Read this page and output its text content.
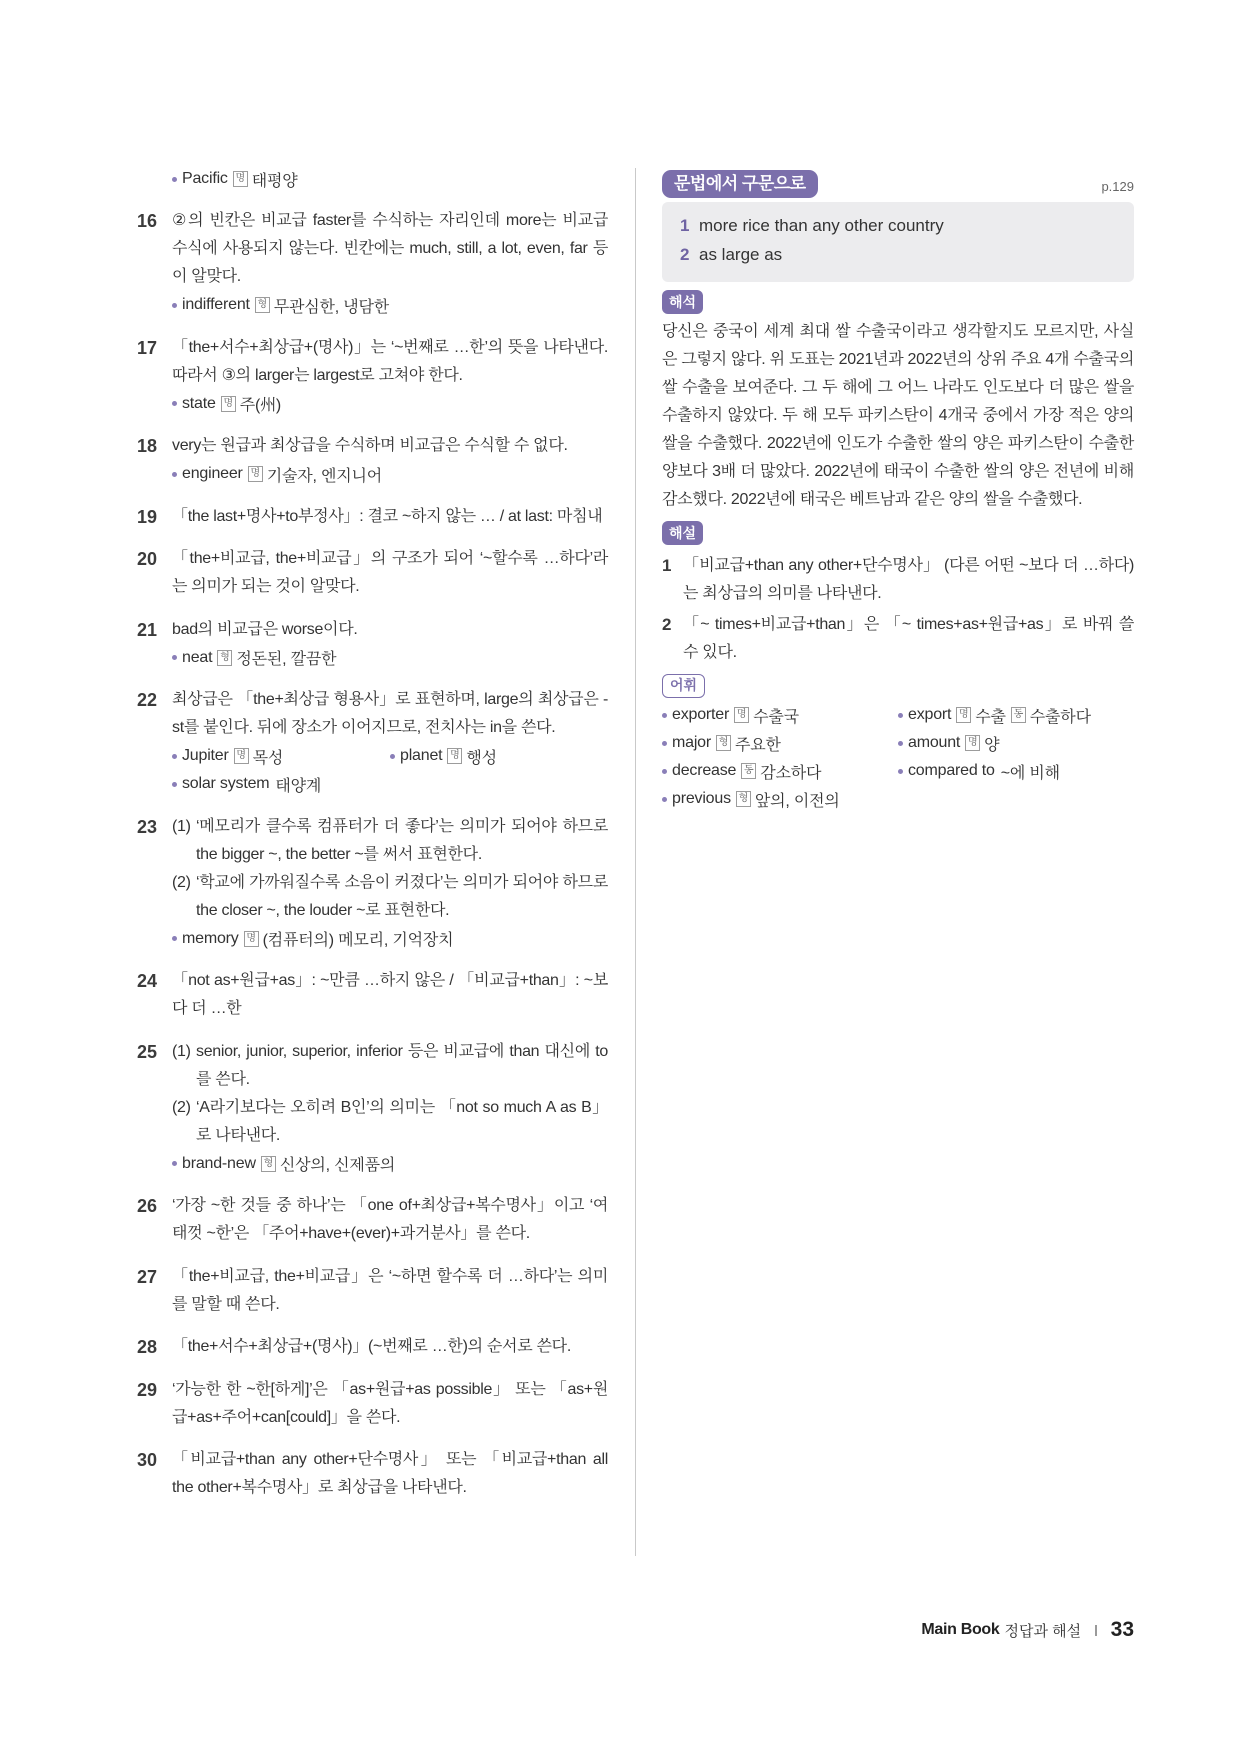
Pacific 명 태평양
16 ②의 빈칸은 비교급 faster를 수식하는 자리인데 more는 비교급 수식에 사용되지 않는다. 빈칸에는 much, still, a lot, even, far 등이 알맞다.

indifferent 형 무관심한, 냉담한
17 「the+서수+최상급+(명사)」는 ‘~번째로 …한’의 뜻을 나타낸다. 따라서 ③의 larger는 largest로 고쳐야 한다.

state 명 주(州)
18 very는 원급과 최상급을 수식하며 비교급은 수식할 수 없다.

engineer 명 기술자, 엔지니어
19 「the last+명사+to부정사」: 결코 ~하지 않는 … / at last: 마침내

20 「the+비교급, the+비교급」의 구조가 되어 ‘~할수록 …하다’라는 의미가 되는 것이 알맞다.

21 bad의 비교급은 worse이다.

neat 형 정돈된, 깔끔한
22 최상급은 「the+최상급 형용사」로 표현하며, large의 최상급은 -st를 붙인다. 뒤에 장소가 이어지므로, 전치사는 in을 쓴다.

Jupiter 명 목성	planet 명 행성
solar system 태양계
23 (1) ‘메모리가 클수록 컴퓨터가 더 좋다’는 의미가 되어야 하므로 the bigger ~, the better ~를 써서 표현한다.

(2) ‘학교에 가까워질수록 소음이 커졌다’는 의미가 되어야 하므로 the closer ~, the louder ~로 표현한다.

memory 명 (컴퓨터의) 메모리, 기억장치
24 「not as+원급+as」: ~만큼 …하지 않은 / 「비교급+than」: ~보다 더 …한

25 (1) senior, junior, superior, inferior 등은 비교급에 than 대신에 to를 쓴다.

(2) ‘A라기보다는 오히려 B인’의 의미는 「not so much A as B」로 나타낸다.

brand-new 형 신상의, 신제품의
26 ‘가장 ~한 것들 중 하나’는 「one of+최상급+복수명사」이고 ‘여태껏 ~한’은 「주어+have+(ever)+과거분사」를 쓴다.

27 「the+비교급, the+비교급」은 ‘~하면 할수록 더 …하다’는 의미를 말할 때 쓴다.

28 「the+서수+최상급+(명사)」(~번째로 …한)의 순서로 쓴다.

29 ‘가능한 한 ~한[하게]’은 「as+원급+as possible」 또는 「as+원급+as+주어+can[could]」을 쓴다.

30 「비교급+than any other+단수명사」 또는 「비교급+than all the other+복수명사」로 최상급을 나타낸다.

문법에서 구문으로	p.129
1 more rice than any other country
2 as large as
해석

당신은 중국이 세계 최대 쌀 수출국이라고 생각할지도 모르지만, 사실은 그렇지 않다. 위 도표는 2021년과 2022년의 상위 주요 4개 수출국의 쌀 수출을 보여준다. 그 두 해에 그 어느 나라도 인도보다 더 많은 쌀을 수출하지 않았다. 두 해 모두 파키스탄이 4개국 중에서 가장 적은 양의 쌀을 수출했다. 2022년에 인도가 수출한 쌀의 양은 파키스탄이 수출한 양보다 3배 더 많았다. 2022년에 태국이 수출한 쌀의 양은 전년에 비해 감소했다. 2022년에 태국은 베트남과 같은 양의 쌀을 수출했다.

해설
1 「비교급+than any other+단수명사」 (다른 어떤 ~보다 더 …하다)는 최상급의 의미를 나타낸다.

2 「~ times+비교급+than」은 「~ times+as+원급+as」로 바꿔 쓸 수 있다.

어휘
exporter 명 수출국	export 명 수출 동 수출하다
major 형 주요한	amount 명 양
decrease 동 감소하다	compared to ~에 비해
previous 형 앞의, 이전의
Main Book 정답과 해설 33
